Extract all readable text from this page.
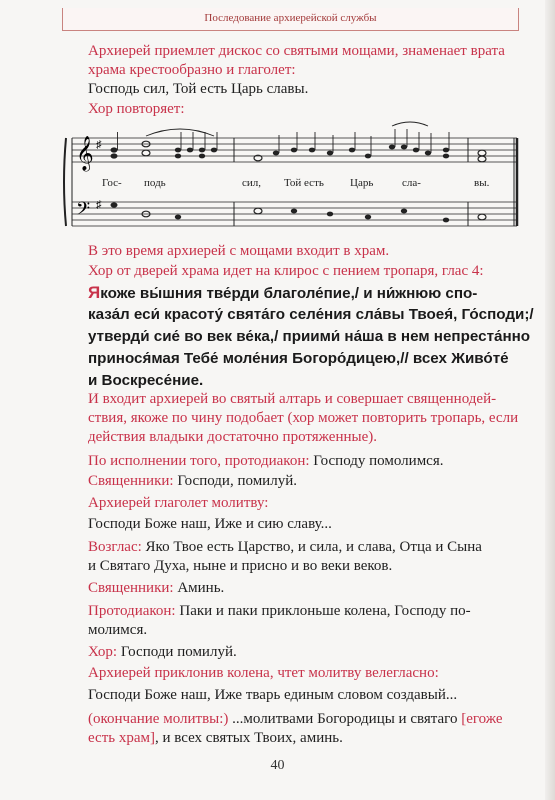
Последование архиерейской службы
Архиерей приемлет дискос со святыми мощами, знаменает врата
храма крестообразно и глаголет:
Господь сил, Той есть Царь славы.
Хор повторяет:
𝄞
𝄢
♯
♯
Гос- подь	сил, Той есть Царь	сла-	вы.
В это время архиерей с мощами входит в храм.
Хор от дверей храма идет на клирос с пением тропаря, глас 4:
Якоже вы́шния тве́рди благоле́пие,/ и ни́жнюю спо-
каза́л еси́ красоту́ свята́го селе́ния сла́вы Твоея́, Го́споди;/
утверди́ сие́ во век ве́ка,/ приими́ на́ша в нем непреста́нно
принося́мая Тебе́ моле́ния Богоро́дицею,// всех Живо́те́
и Воскресе́ние.
И входит архиерей во святый алтарь и совершает священнодей-
ствия, якоже по чину подобает (хор может повторить тропарь, если
действия владыки достаточно протяженные).
По исполнении того, протодиакон: Господу помолимся.
Священники: Господи, помилуй.
Архиерей глаголет молитву:
Господи Боже наш, Иже и сию славу...
Возглас: Яко Твое есть Царство, и сила, и слава, Отца и Сына
и Святаго Духа, ныне и присно и во веки веков.
Священники: Аминь.
Протодиакон: Паки и паки приклоньше колена, Господу по-
молимся.
Хор: Господи помилуй.
Архиерей приклонив колена, чтет молитву велегласно:
Господи Боже наш, Иже тварь единым словом создавый...
(окончание молитвы:) ...молитвами Богородицы и святаго [егоже
есть храм], и всех святых Твоих, аминь.
40
